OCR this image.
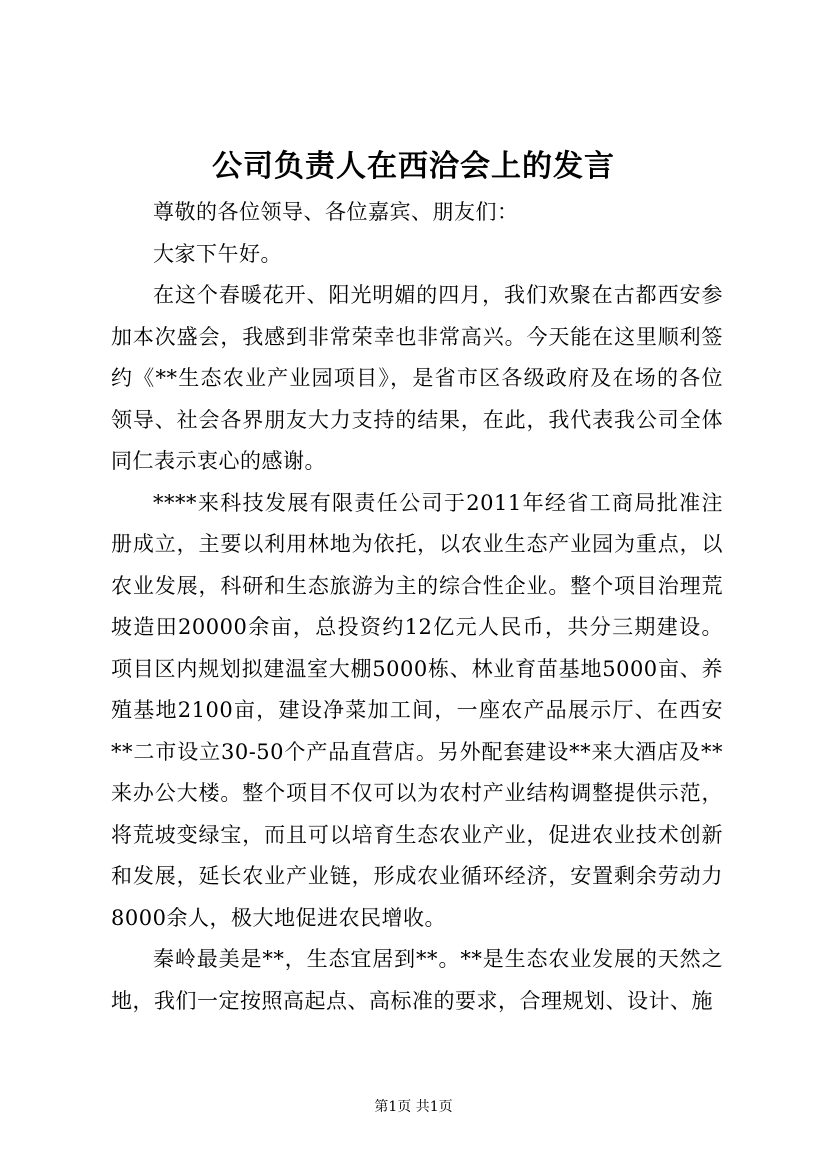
公司负责人在西洽会上的发言

尊敬的各位领导、各位嘉宾、朋友们：

大家下午好。

在这个春暖花开、阳光明媚的四月，我们欢聚在古都西安参加本次盛会，我感到非常荣幸也非常高兴。今天能在这里顺利签约《**生态农业产业园项目》，是省市区各级政府及在场的各位领导、社会各界朋友大力支持的结果，在此，我代表我公司全体同仁表示衷心的感谢。

****来科技发展有限责任公司于2011年经省工商局批准注册成立，主要以利用林地为依托，以农业生态产业园为重点，以农业发展，科研和生态旅游为主的综合性企业。整个项目治理荒坡造田20000余亩，总投资约12亿元人民币，共分三期建设。项目区内规划拟建温室大棚5000栋、林业育苗基地5000亩、养殖基地2100亩，建设净菜加工间，一座农产品展示厅、在西安**二市设立30-50个产品直营店。另外配套建设**来大酒店及**来办公大楼。整个项目不仅可以为农村产业结构调整提供示范，将荒坡变绿宝，而且可以培育生态农业产业，促进农业技术创新和发展，延长农业产业链，形成农业循环经济，安置剩余劳动力8000余人，极大地促进农民增收。

秦岭最美是**，生态宜居到**。**是生态农业发展的天然之地，我们一定按照高起点、高标准的要求，合理规划、设计、施

第1页 共1页
